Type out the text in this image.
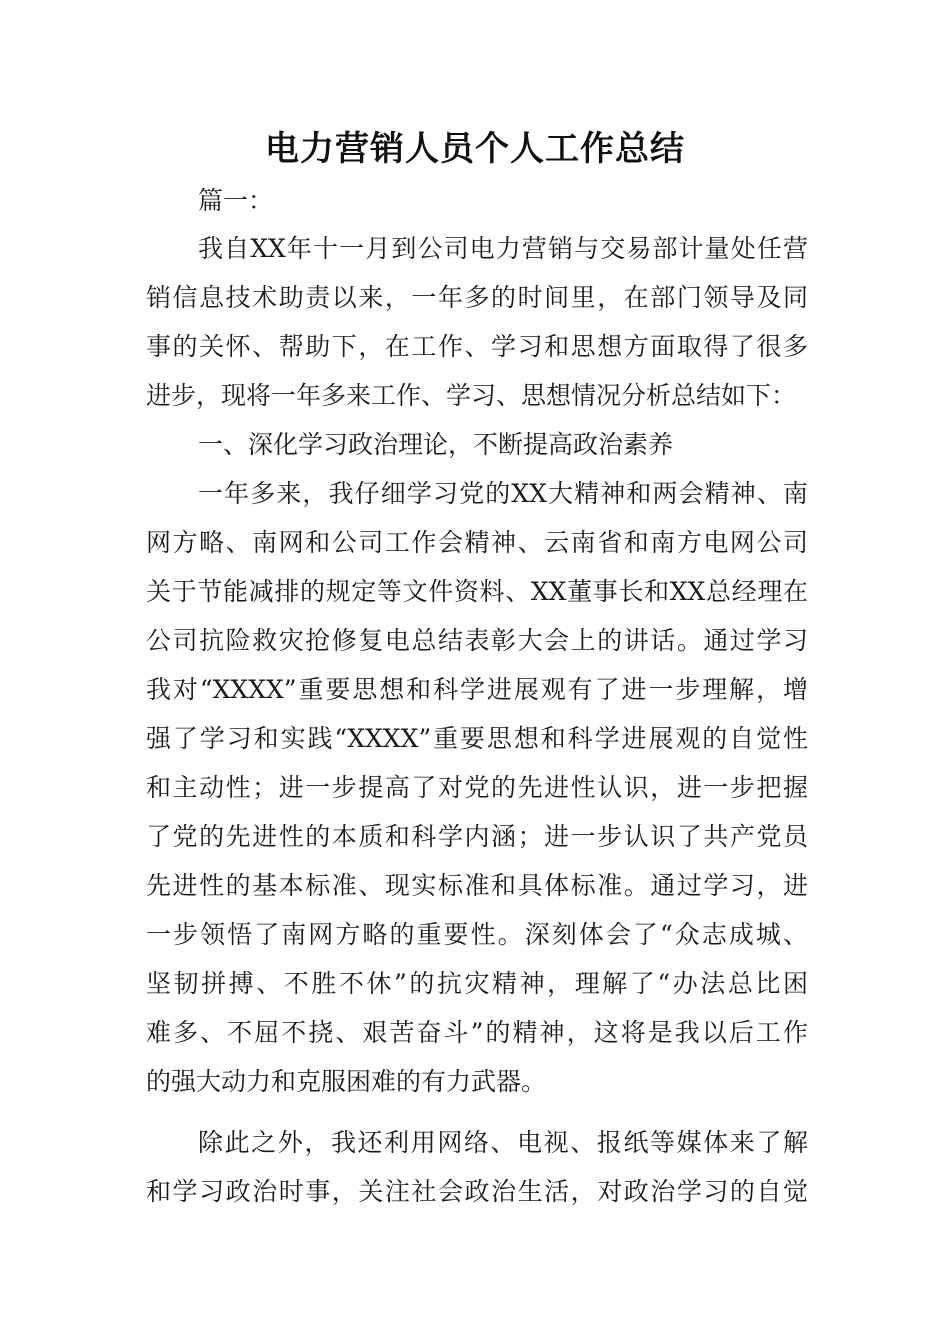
电力营销人员个人工作总结
篇一：
我自XX年十一月到公司电力营销与交易部计量处任营
销信息技术助责以来，一年多的时间里，在部门领导及同
事的关怀、帮助下，在工作、学习和思想方面取得了很多
进步，现将一年多来工作、学习、思想情况分析总结如下：
一、深化学习政治理论，不断提高政治素养
一年多来，我仔细学习党的XX大精神和两会精神、南
网方略、南网和公司工作会精神、云南省和南方电网公司
关于节能减排的规定等文件资料、XX董事长和XX总经理在
公司抗险救灾抢修复电总结表彰大会上的讲话。通过学习
我对“XXXX”重要思想和科学进展观有了进一步理解，增
强了学习和实践“XXXX”重要思想和科学进展观的自觉性
和主动性；进一步提高了对党的先进性认识，进一步把握
了党的先进性的本质和科学内涵；进一步认识了共产党员
先进性的基本标准、现实标准和具体标准。通过学习，进
一步领悟了南网方略的重要性。深刻体会了“众志成城、
坚韧拼搏、不胜不休”的抗灾精神，理解了“办法总比困
难多、不屈不挠、艰苦奋斗”的精神，这将是我以后工作
的强大动力和克服困难的有力武器。
除此之外，我还利用网络、电视、报纸等媒体来了解
和学习政治时事，关注社会政治生活，对政治学习的自觉
